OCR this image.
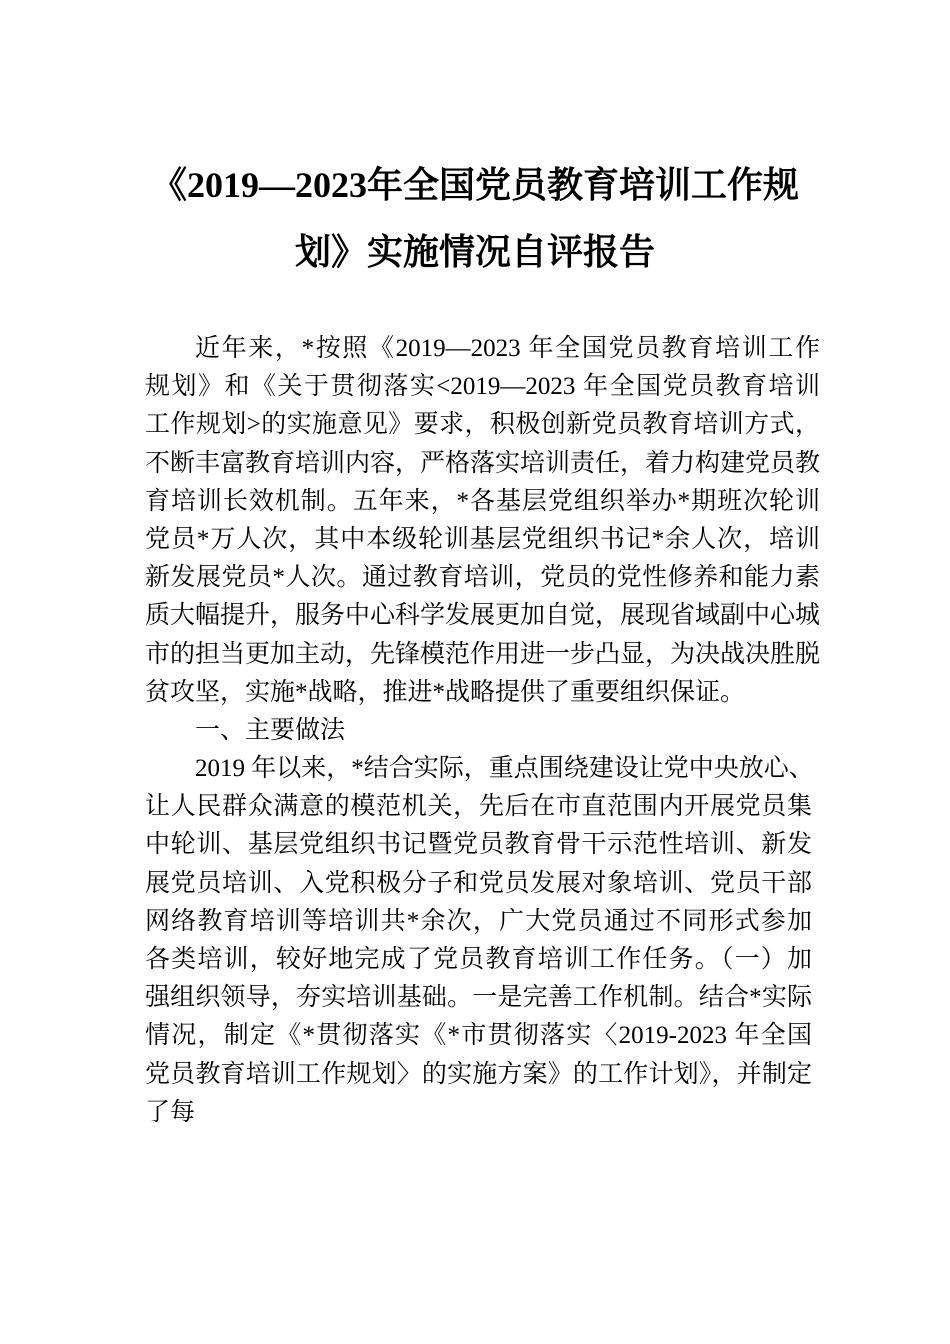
《2019—2023年全国党员教育培训工作规
划》实施情况自评报告
近年来，*按照《2019—2023 年全国党员教育培训工作
规划》和《关于贯彻落实<2019—2023 年全国党员教育培训
工作规划>的实施意见》要求，积极创新党员教育培训方式，
不断丰富教育培训内容，严格落实培训责任，着力构建党员教
育培训长效机制。五年来，*各基层党组织举办*期班次轮训
党员*万人次，其中本级轮训基层党组织书记*余人次，培训
新发展党员*人次。通过教育培训，党员的党性修养和能力素
质大幅提升，服务中心科学发展更加自觉，展现省域副中心城
市的担当更加主动，先锋模范作用进一步凸显，为决战决胜脱
贫攻坚，实施*战略，推进*战略提供了重要组织保证。
一、主要做法
2019 年以来，*结合实际，重点围绕建设让党中央放心、
让人民群众满意的模范机关，先后在市直范围内开展党员集
中轮训、基层党组织书记暨党员教育骨干示范性培训、新发
展党员培训、入党积极分子和党员发展对象培训、党员干部
网络教育培训等培训共*余次，广大党员通过不同形式参加
各类培训，较好地完成了党员教育培训工作任务。（一）加
强组织领导，夯实培训基础。一是完善工作机制。结合*实际
情况，制定《*贯彻落实《*市贯彻落实〈2019-2023 年全国
党员教育培训工作规划〉的实施方案》的工作计划》，并制定
了每
